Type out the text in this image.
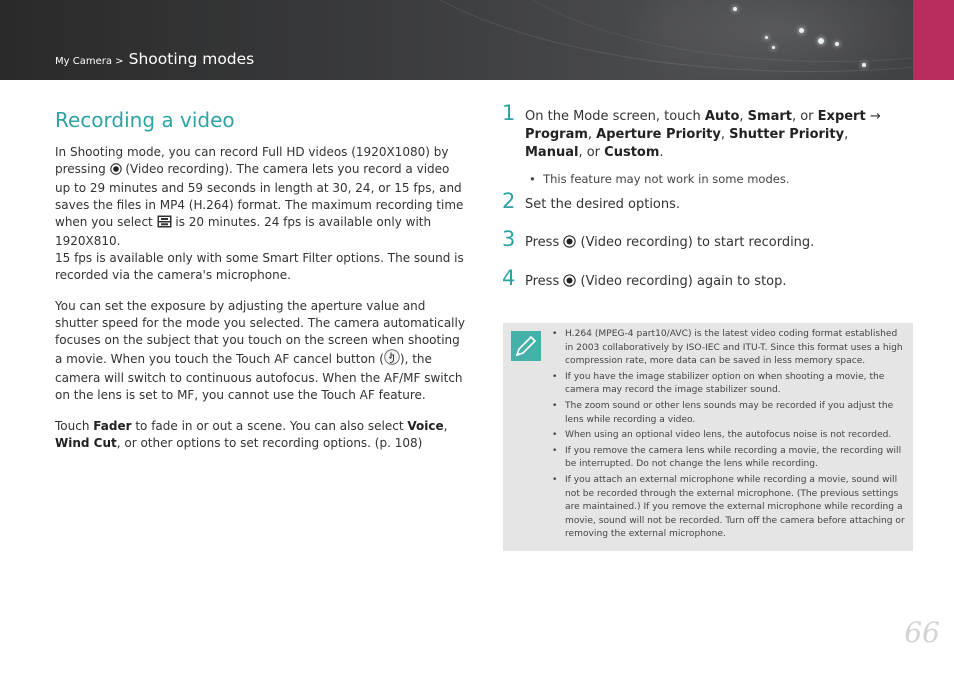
My Camera > Shooting modes
Recording a video

In Shooting mode, you can record Full HD videos (1920X1080) by pressing  (Video recording). The camera lets you record a video up to 29 minutes and 59 seconds in length at 30, 24, or 15 fps, and saves the files in MP4 (H.264) format. The maximum recording time when you select  is 20 minutes. 24 fps is available only with 1920X810.
15 fps is available only with some Smart Filter options. The sound is recorded via the camera's microphone.

You can set the exposure by adjusting the aperture value and shutter speed for the mode you selected. The camera automatically focuses on the subject that you touch on the screen when shooting a movie. When you touch the Touch AF cancel button ( ), the camera will switch to continuous autofocus. When the AF/MF switch on the lens is set to MF, you cannot use the Touch AF feature.

Touch Fader to fade in or out a scene. You can also select Voice, Wind Cut, or other options to set recording options. (p. 108)

1 On the Mode screen, touch Auto, Smart, or Expert → Program, Aperture Priority, Shutter Priority, Manual, or Custom.
•  This feature may not work in some modes.
2 Set the desired options.
3 Press  (Video recording) to start recording.
4 Press  (Video recording) again to stop.
• H.264 (MPEG-4 part10/AVC) is the latest video coding format established in 2003 collaboratively by ISO-IEC and ITU-T. Since this format uses a high compression rate, more data can be saved in less memory space.
• If you have the image stabilizer option on when shooting a movie, the camera may record the image stabilizer sound.
• The zoom sound or other lens sounds may be recorded if you adjust the lens while recording a video.
• When using an optional video lens, the autofocus noise is not recorded.
• If you remove the camera lens while recording a movie, the recording will be interrupted. Do not change the lens while recording.
• If you attach an external microphone while recording a movie, sound will not be recorded through the external microphone. (The previous settings are maintained.) If you remove the external microphone while recording a movie, sound will not be recorded. Turn off the camera before attaching or removing the external microphone.
66
